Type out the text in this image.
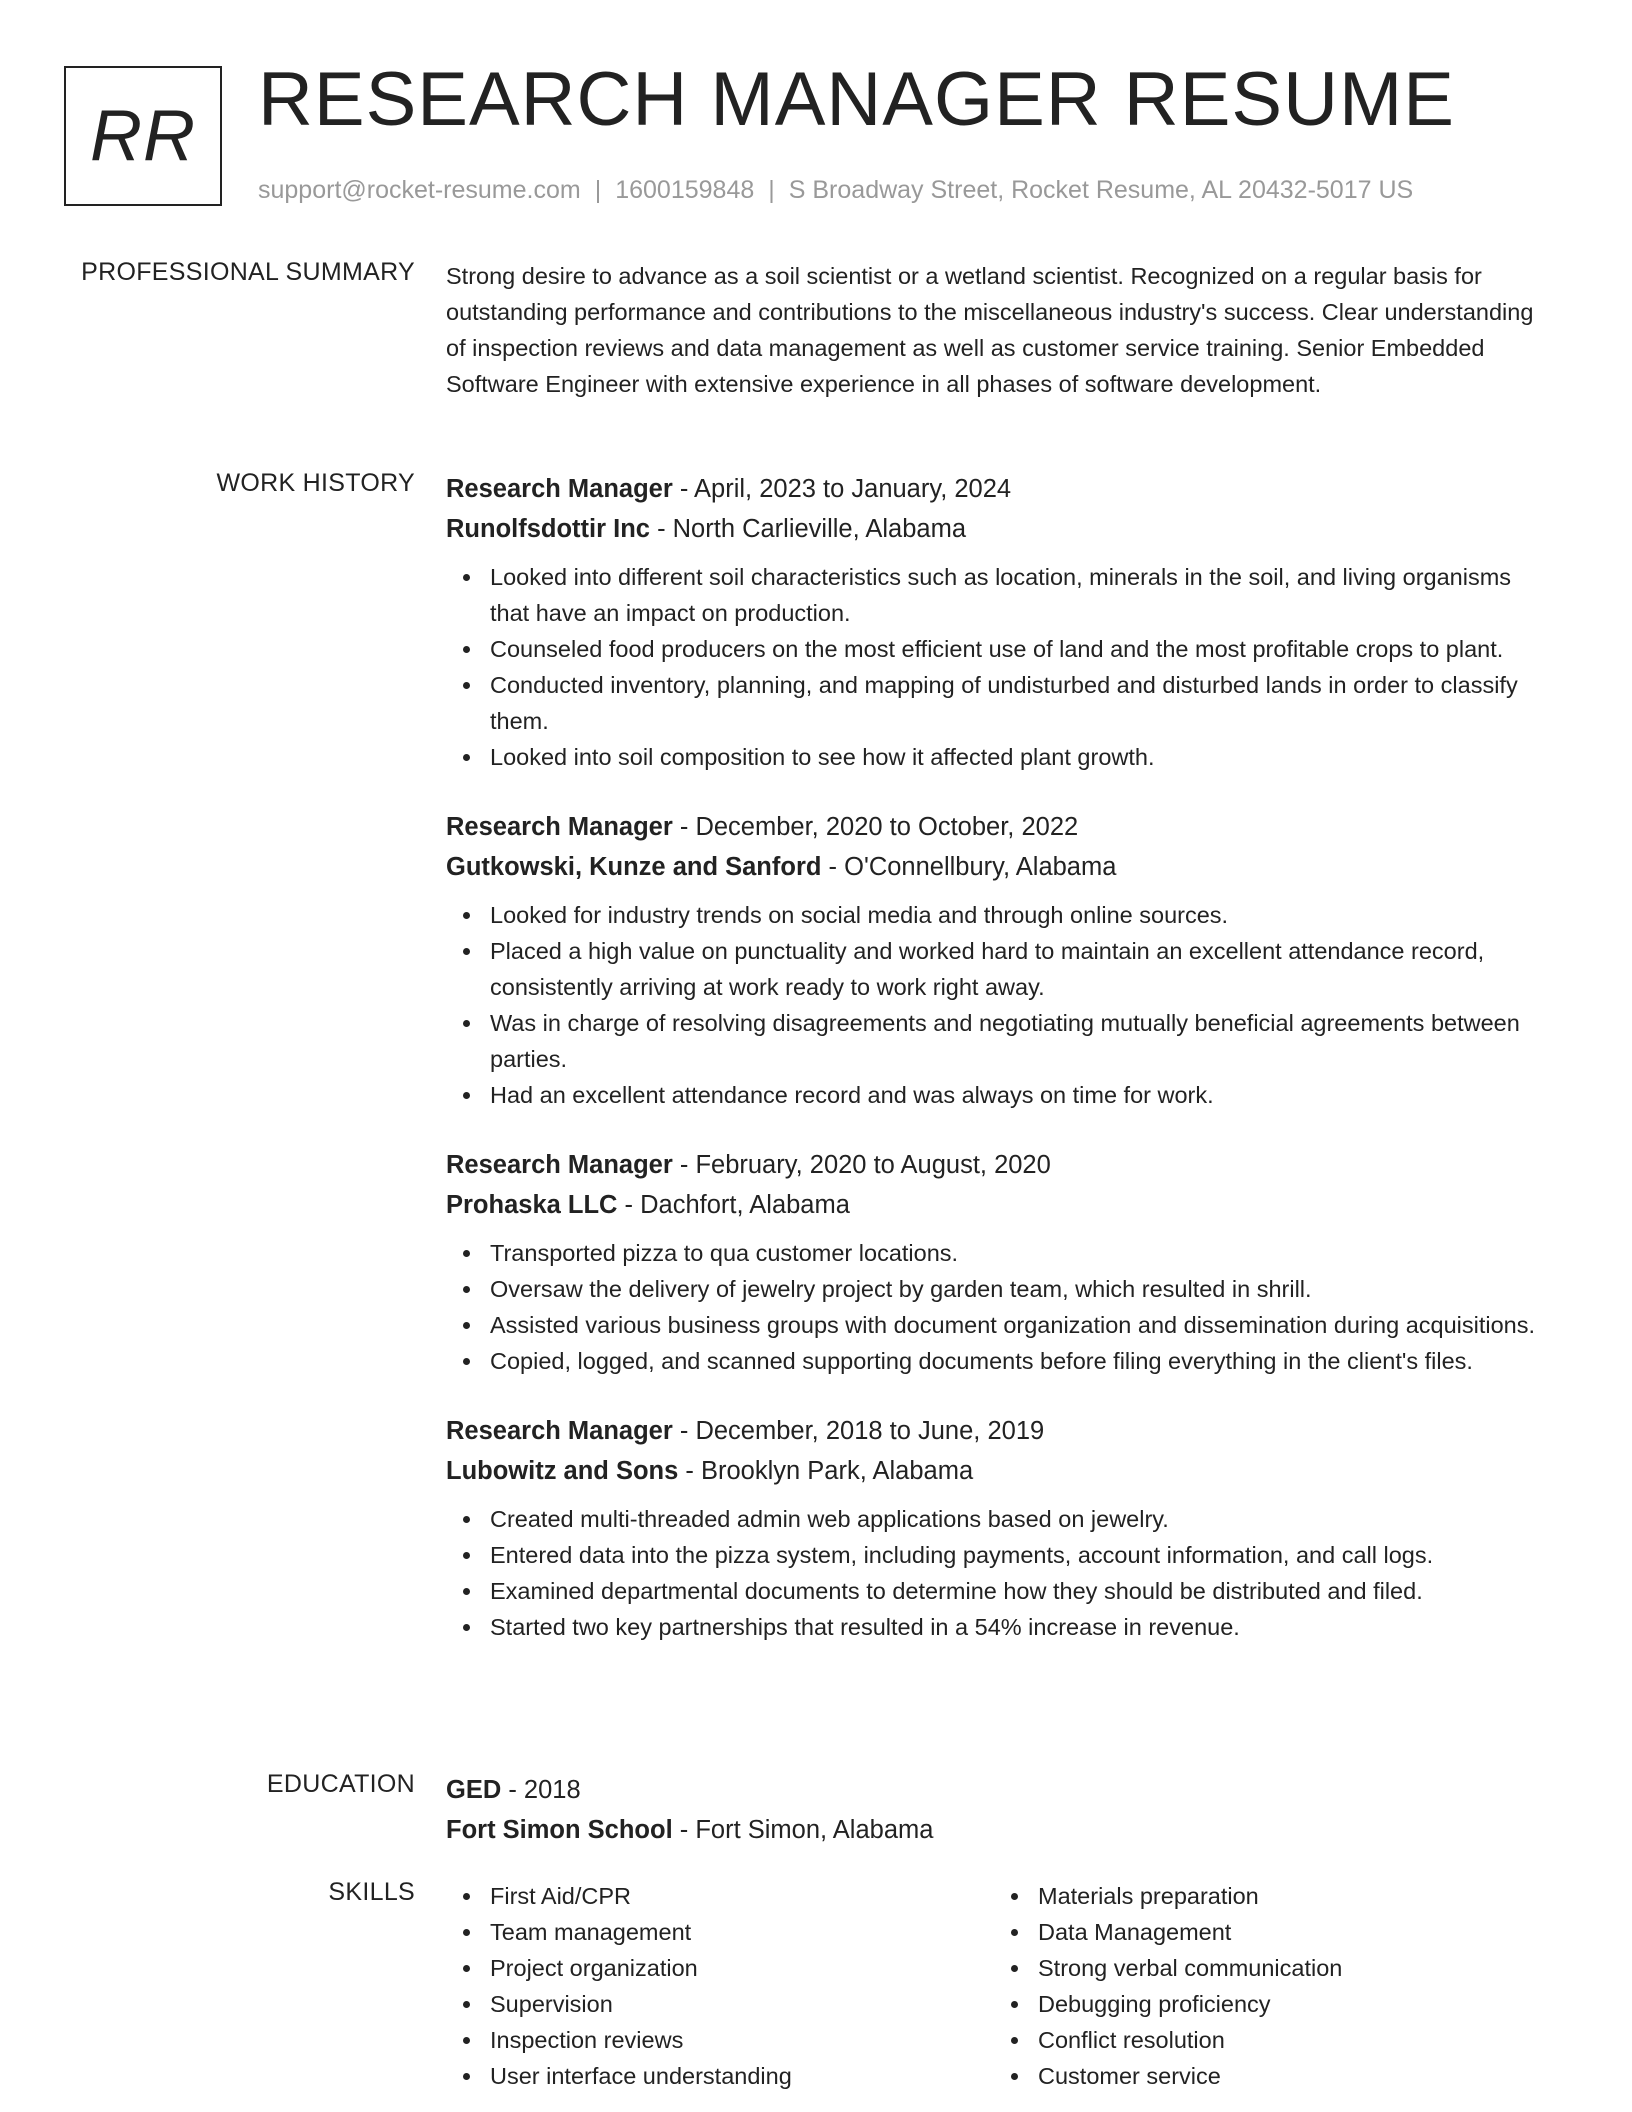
RR RESEARCH MANAGER RESUME
support@rocket-resume.com | 1600159848 | S Broadway Street, Rocket Resume, AL 20432-5017 US
PROFESSIONAL SUMMARY Strong desire to advance as a soil scientist or a wetland scientist. Recognized on a regular basis for outstanding performance and contributions to the miscellaneous industry's success. Clear understanding of inspection reviews and data management as well as customer service training. Senior Embedded Software Engineer with extensive experience in all phases of software development.

WORK HISTORY Research Manager - April, 2023 to January, 2024

Runolfsdottir Inc - North Carlieville, Alabama

Looked into different soil characteristics such as location, minerals in the soil, and living organisms that have an impact on production.
Counseled food producers on the most efficient use of land and the most profitable crops to plant.
Conducted inventory, planning, and mapping of undisturbed and disturbed lands in order to classify them.
Looked into soil composition to see how it affected plant growth.

Research Manager - December, 2020 to October, 2022

Gutkowski, Kunze and Sanford - O'Connellbury, Alabama

Looked for industry trends on social media and through online sources.
Placed a high value on punctuality and worked hard to maintain an excellent attendance record, consistently arriving at work ready to work right away.
Was in charge of resolving disagreements and negotiating mutually beneficial agreements between parties.
Had an excellent attendance record and was always on time for work.

Research Manager - February, 2020 to August, 2020

Prohaska LLC - Dachfort, Alabama

Transported pizza to qua customer locations.
Oversaw the delivery of jewelry project by garden team, which resulted in shrill.
Assisted various business groups with document organization and dissemination during acquisitions.
Copied, logged, and scanned supporting documents before filing everything in the client's files.

Research Manager - December, 2018 to June, 2019

Lubowitz and Sons - Brooklyn Park, Alabama

Created multi-threaded admin web applications based on jewelry.
Entered data into the pizza system, including payments, account information, and call logs.
Examined departmental documents to determine how they should be distributed and filed.
Started two key partnerships that resulted in a 54% increase in revenue.
EDUCATION GED - 2018

Fort Simon School - Fort Simon, Alabama

SKILLS	First Aid/CPR
Team management
Project organization
Supervision
Inspection reviews
User interface understanding
Materials preparation
Data Management
Strong verbal communication
Debugging proficiency
Conflict resolution
Customer service
